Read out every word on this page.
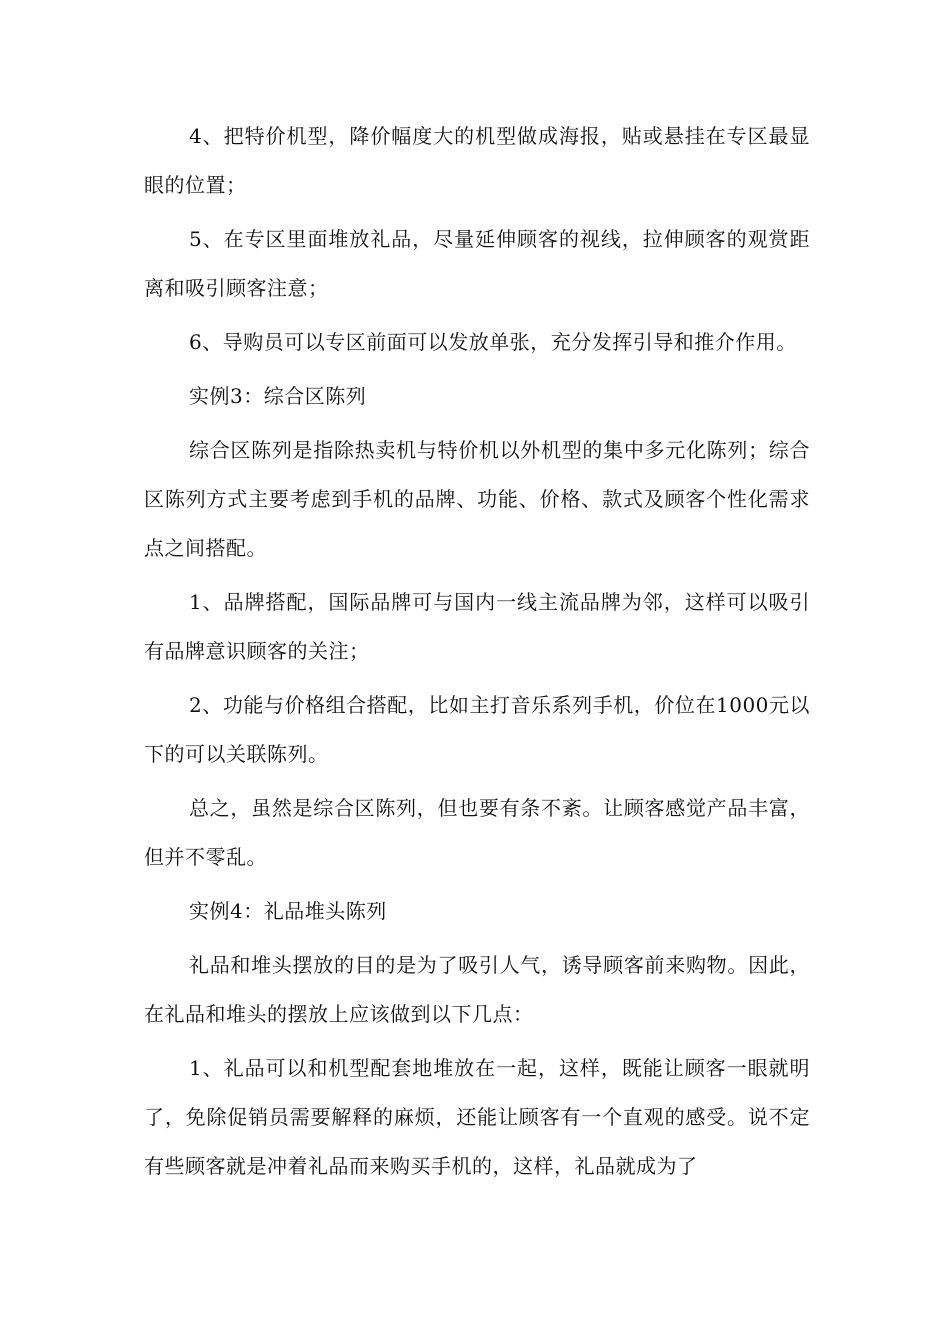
4、把特价机型，降价幅度大的机型做成海报，贴或悬挂在专区最显眼的位置；

5、在专区里面堆放礼品，尽量延伸顾客的视线，拉伸顾客的观赏距离和吸引顾客注意；

6、导购员可以专区前面可以发放单张，充分发挥引导和推介作用。

实例3：综合区陈列

综合区陈列是指除热卖机与特价机以外机型的集中多元化陈列；综合区陈列方式主要考虑到手机的品牌、功能、价格、款式及顾客个性化需求点之间搭配。

1、品牌搭配，国际品牌可与国内一线主流品牌为邻，这样可以吸引有品牌意识顾客的关注；

2、功能与价格组合搭配，比如主打音乐系列手机，价位在1000元以下的可以关联陈列。

总之，虽然是综合区陈列，但也要有条不紊。让顾客感觉产品丰富，但并不零乱。

实例4：礼品堆头陈列

礼品和堆头摆放的目的是为了吸引人气，诱导顾客前来购物。因此，在礼品和堆头的摆放上应该做到以下几点：

1、礼品可以和机型配套地堆放在一起，这样，既能让顾客一眼就明了，免除促销员需要解释的麻烦，还能让顾客有一个直观的感受。说不定有些顾客就是冲着礼品而来购买手机的，这样，礼品就成为了
